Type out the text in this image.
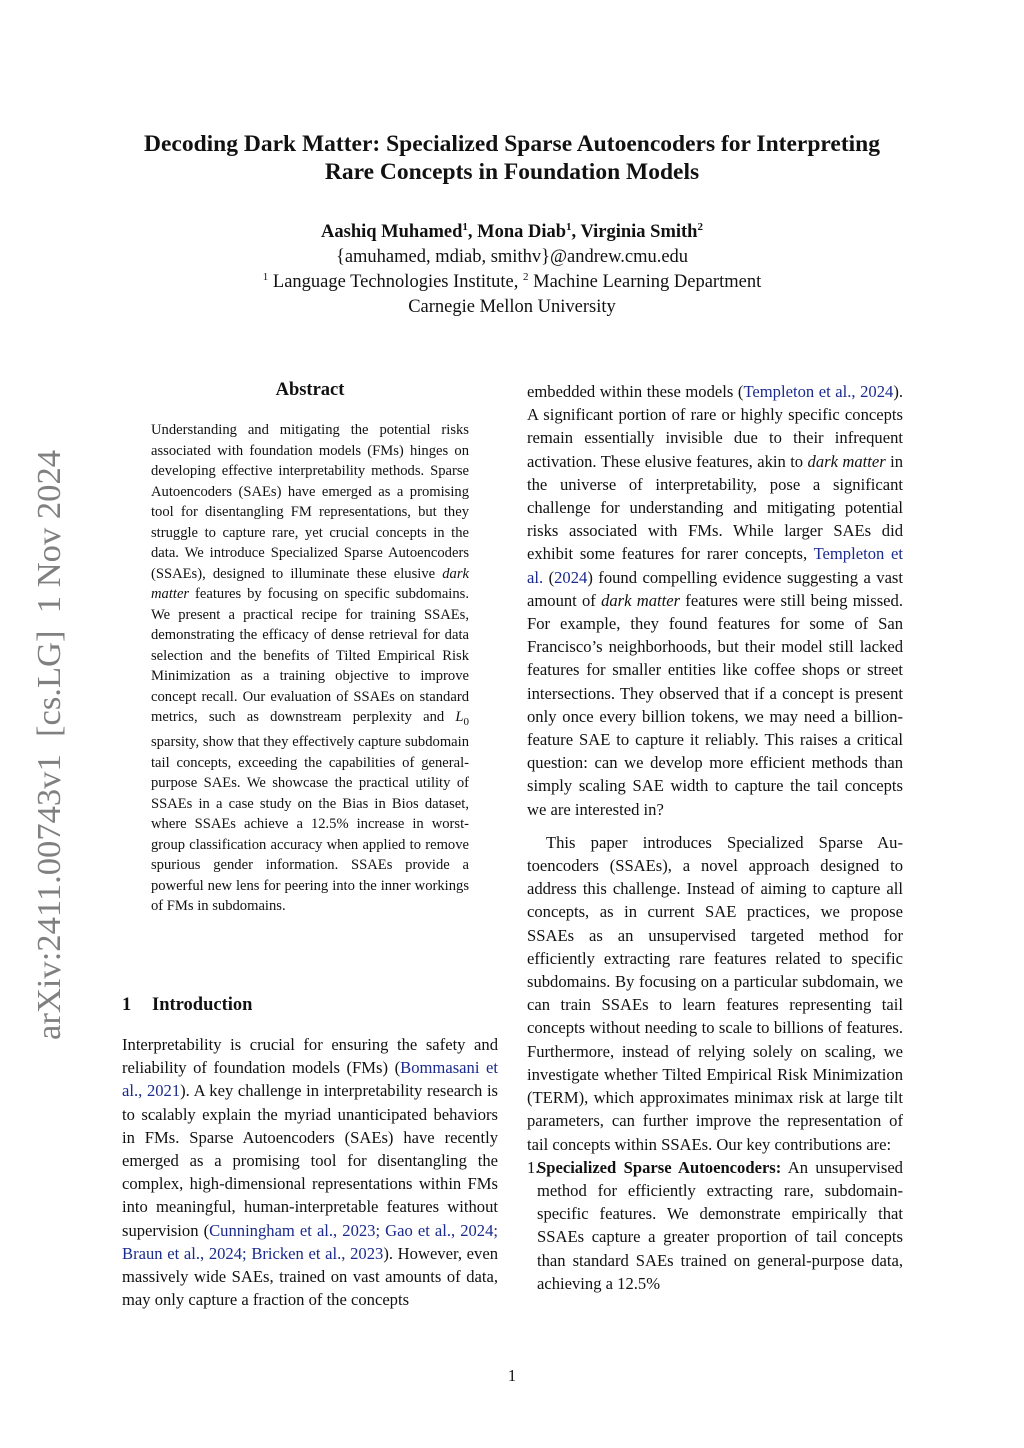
arXiv:2411.00743v1  [cs.LG]  1 Nov 2024
Decoding Dark Matter: Specialized Sparse Autoencoders for Interpreting
Rare Concepts in Foundation Models
Aashiq Muhamed$^1$, Mona Diab$^1$, Virginia Smith$^2$
{amuhamed, mdiab, smithv}@andrew.cmu.edu
$^1$ Language Technologies Institute, $^2$ Machine Learning Department
Carnegie Mellon University
Abstract

Understanding and mitigating the potential risks associated with foundation models (FMs) hinges on developing effective interpretability methods. Sparse Autoencoders (SAEs) have emerged as a promising tool for disentangling FM representations, but they struggle to capture rare, yet crucial concepts in the data. We introduce Specialized Sparse Autoencoders (SSAEs), designed to illuminate these elusive dark matter features by focusing on specific subdomains. We present a practical recipe for training SSAEs, demonstrating the efficacy of dense retrieval for data selection and the benefits of Tilted Empirical Risk Minimization as a training objective to improve concept recall. Our evaluation of SSAEs on standard metrics, such as downstream perplexity and $L_0$ sparsity, show that they effectively capture subdomain tail concepts, exceeding the capabilities of general-purpose SAEs. We showcase the practical utility of SSAEs in a case study on the Bias in Bios dataset, where SSAEs achieve a 12.5% increase in worst-group classification accuracy when applied to remove spurious gender information. SSAEs provide a powerful new lens for peering into the inner workings of FMs in subdomains.

1 Introduction

Interpretability is crucial for ensuring the safety and reliability of foundation models (FMs) (Bommasani et al., 2021). A key challenge in interpretability research is to scalably explain the myriad unanticipated behaviors in FMs. Sparse Autoencoders (SAEs) have recently emerged as a promising tool for disentangling the complex, high-dimensional representations within FMs into meaningful, human-interpretable features without supervision (Cunningham et al., 2023; Gao et al., 2024; Braun et al., 2024; Bricken et al., 2023). However, even massively wide SAEs, trained on vast amounts of data, may only capture a fraction of the concepts

embedded within these models (Templeton et al., 2024). A significant portion of rare or highly specific concepts remain essentially invisible due to their infrequent activation. These elusive features, akin to dark matter in the universe of interpretability, pose a significant challenge for understanding and mitigating potential risks associated with FMs. While larger SAEs did exhibit some features for rarer concepts, Templeton et al. (2024) found compelling evidence suggesting a vast amount of dark matter features were still being missed. For example, they found features for some of San Francisco’s neighborhoods, but their model still lacked features for smaller entities like coffee shops or street intersections. They observed that if a concept is present only once every billion tokens, we may need a billion-feature SAE to capture it reliably. This raises a critical question: can we develop more efficient methods than simply scaling SAE width to capture the tail concepts we are interested in?

This paper introduces Specialized Sparse Autoencoders (SSAEs), a novel approach designed to address this challenge. Instead of aiming to capture all concepts, as in current SAE practices, we propose SSAEs as an unsupervised targeted method for efficiently extracting rare features related to specific subdomains. By focusing on a particular subdomain, we can train SSAEs to learn features representing tail concepts without needing to scale to billions of features. Furthermore, instead of relying solely on scaling, we investigate whether Tilted Empirical Risk Minimization (TERM), which approximates minimax risk at large tilt parameters, can further improve the representation of tail concepts within SSAEs. Our key contributions are:

1.
Specialized Sparse Autoencoders: An unsupervised method for efficiently extracting rare, subdomain-specific features. We demonstrate empirically that SSAEs capture a greater proportion of tail concepts than standard SAEs trained on general-purpose data, achieving a 12.5%
1
